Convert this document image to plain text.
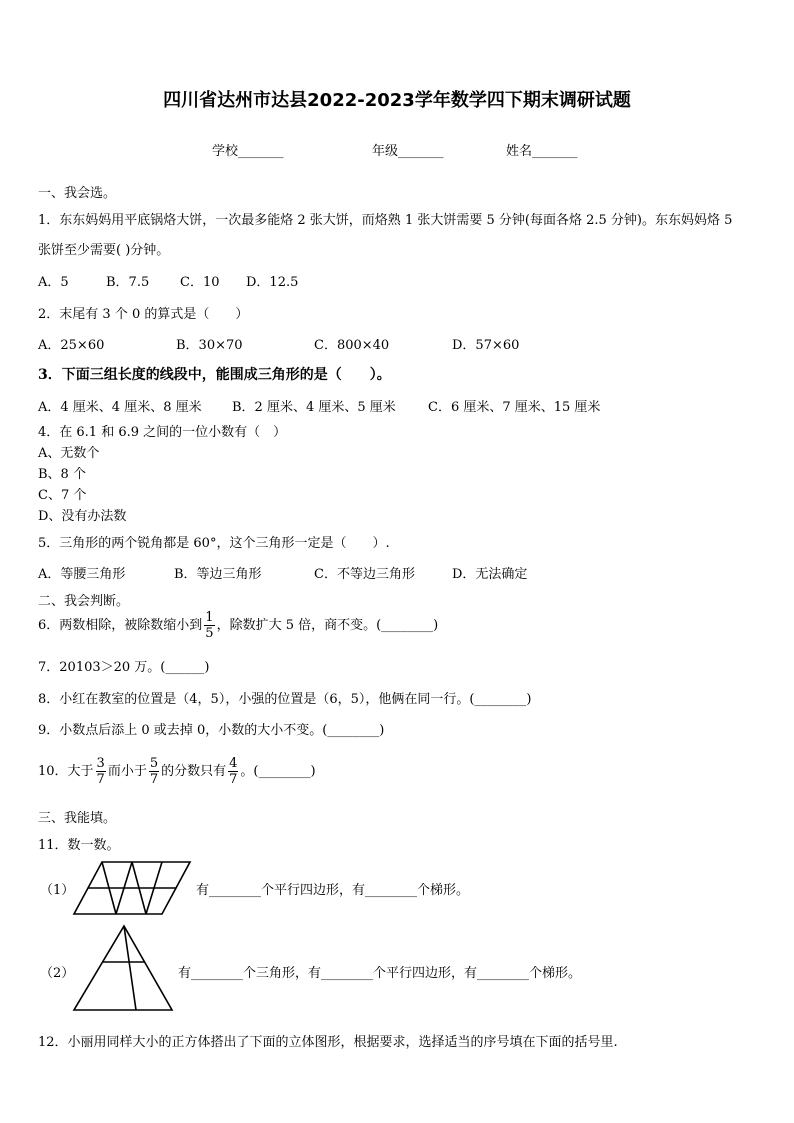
四川省达州市达县2022-2023学年数学四下期末调研试题
学校_______	年级_______	姓名_______
一、我会选。
1．东东妈妈用平底锅烙大饼，一次最多能烙 2 张大饼，而烙熟 1 张大饼需要 5 分钟(每面各烙 2.5 分钟)。东东妈妈烙 5
张饼至少需要( )分钟。
A．5	B．7.5 C．10 D．12.5
2．末尾有 3 个 0 的算式是（　　）
A．25×60	B．30×70	C．800×40	D．57×60
3．下面三组长度的线段中，能围成三角形的是（　　）。
A．4 厘米、4 厘米、8 厘米 B．2 厘米、4 厘米、5 厘米 C．6 厘米、7 厘米、15 厘米
4．在 6.1 和 6.9 之间的一位小数有（　）
A、无数个
B、8 个
C、7 个
D、没有办法数
5．三角形的两个锐角都是 60°，这个三角形一定是（　　）.
A．等腰三角形	B．等边三角形	C．不等边三角形	D．无法确定
二、我会判断。
6．两数相除，被除数缩小到 $\frac{1}{5}$ ，除数扩大 5 倍，商不变。(________)
7．20103＞20 万。(______)
8．小红在教室的位置是（4，5），小强的位置是（6，5），他俩在同一行。(________)
9．小数点后添上 0 或去掉 0，小数的大小不变。(________)
10．大于 $\frac{3}{7}$ 而小于 $\frac{5}{7}$ 的分数只有 $\frac{4}{7}$ 。(________)
三、我能填。
11．数一数。
（1）	有________个平行四边形，有________个梯形。
（2）	有________个三角形，有________个平行四边形，有________个梯形。
12．小丽用同样大小的正方体搭出了下面的立体图形，根据要求，选择适当的序号填在下面的括号里.
